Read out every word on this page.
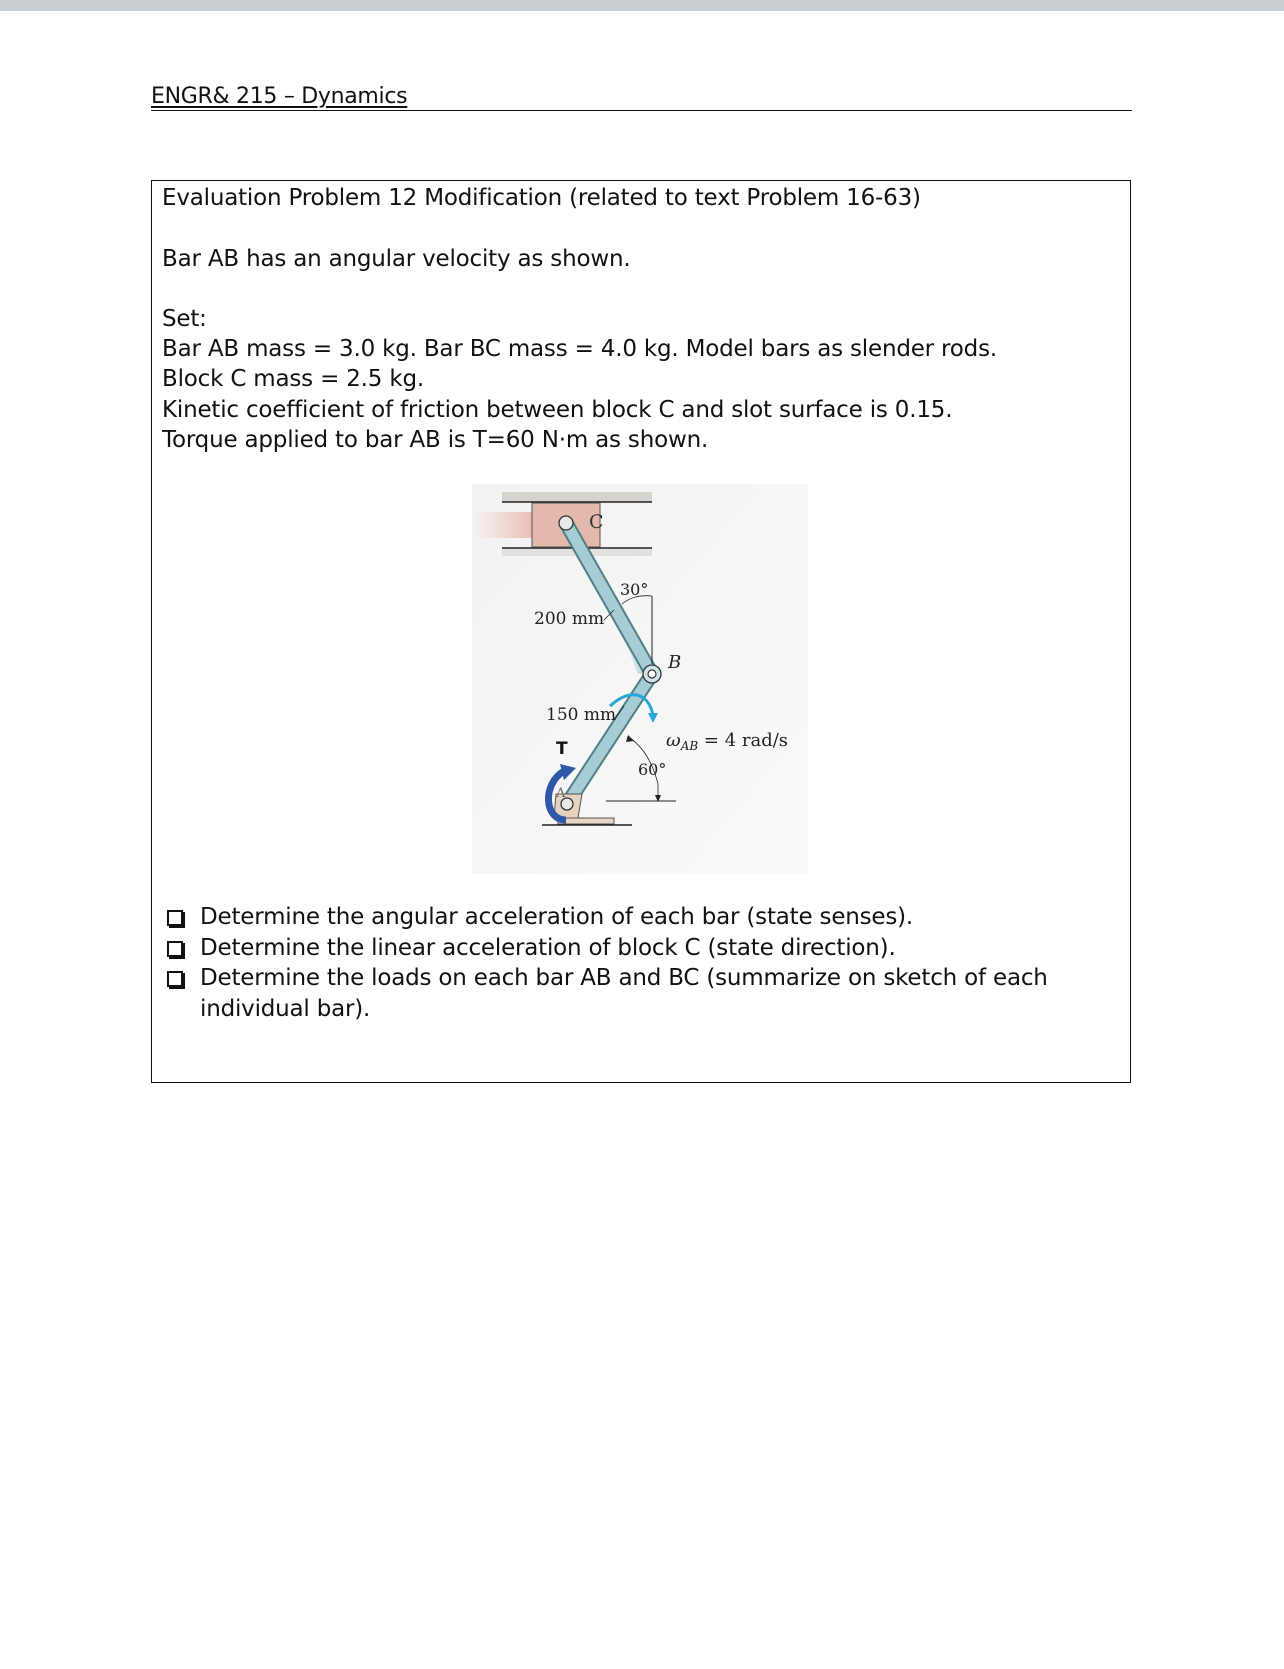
ENGR& 215 – Dynamics
Evaluation Problem 12 Modification (related to text Problem 16-63)
Bar AB has an angular velocity as shown.
Set:
Bar AB mass = 3.0 kg. Bar BC mass = 4.0 kg. Model bars as slender rods.
Block C mass = 2.5 kg.
Kinetic coefficient of friction between block C and slot surface is 0.15.
Torque applied to bar AB is T=60 N·m as shown.
C
A
T
30°
200 mm
150 mm
60°
B
$\omega_{AB} = 4$ rad/s
Determine the angular acceleration of each bar (state senses).
Determine the linear acceleration of block C (state direction).
Determine the loads on each bar AB and BC (summarize on sketch of each individual bar).
